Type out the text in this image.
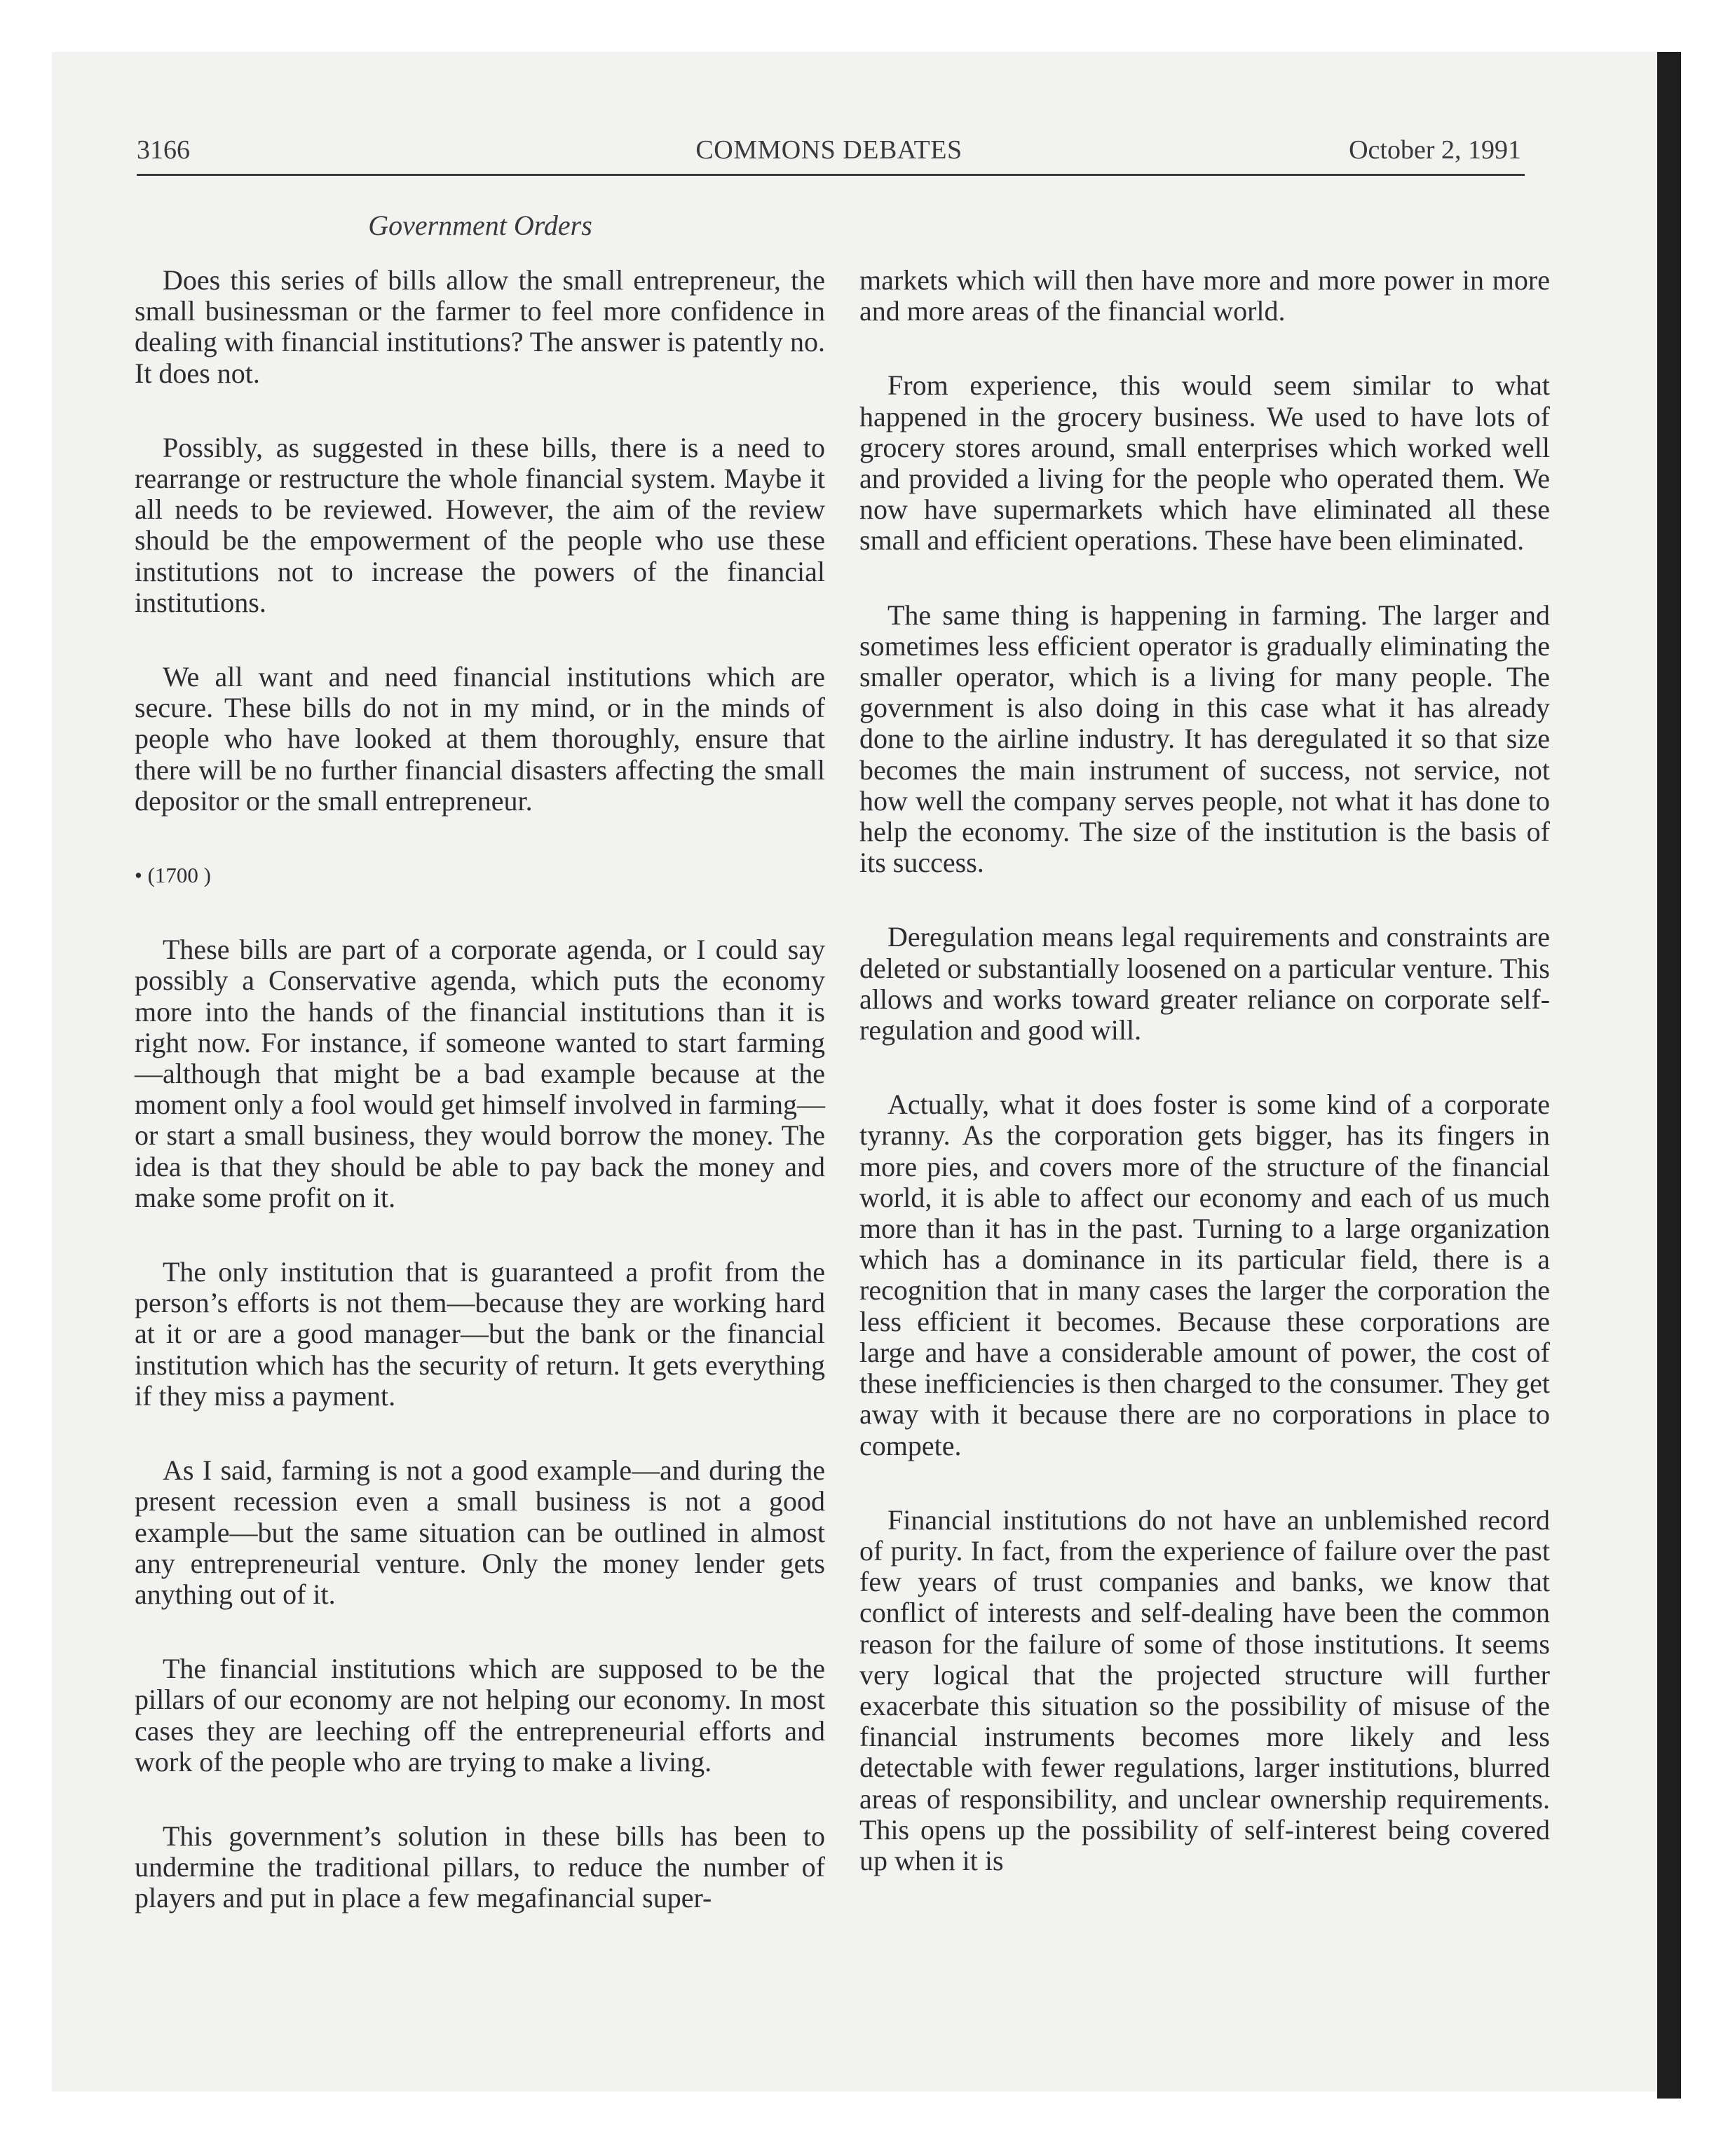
3166	COMMONS DEBATES	October 2, 1991
Government Orders

Does this series of bills allow the small entrepreneur, the small businessman or the farmer to feel more confidence in dealing with financial institutions? The answer is patently no. It does not.

Possibly, as suggested in these bills, there is a need to rearrange or restructure the whole financial system. Maybe it all needs to be reviewed. However, the aim of the review should be the empowerment of the people who use these institutions not to increase the powers of the financial institutions.

We all want and need financial institutions which are secure. These bills do not in my mind, or in the minds of people who have looked at them thoroughly, ensure that there will be no further financial disasters affecting the small depositor or the small entrepreneur.

• (1700 )

These bills are part of a corporate agenda, or I could say possibly a Conservative agenda, which puts the economy more into the hands of the financial institutions than it is right now. For instance, if someone wanted to start farming—although that might be a bad example because at the moment only a fool would get himself involved in farming—or start a small business, they would borrow the money. The idea is that they should be able to pay back the money and make some profit on it.

The only institution that is guaranteed a profit from the person’s efforts is not them—because they are working hard at it or are a good manager—but the bank or the financial institution which has the security of return. It gets everything if they miss a payment.

As I said, farming is not a good example—and during the present recession even a small business is not a good example—but the same situation can be outlined in almost any entrepreneurial venture. Only the money lender gets anything out of it.

The financial institutions which are supposed to be the pillars of our economy are not helping our economy. In most cases they are leeching off the entrepreneurial efforts and work of the people who are trying to make a living.

This government’s solution in these bills has been to undermine the traditional pillars, to reduce the number of players and put in place a few megafinancial super-

markets which will then have more and more power in more and more areas of the financial world.

From experience, this would seem similar to what happened in the grocery business. We used to have lots of grocery stores around, small enterprises which worked well and provided a living for the people who operated them. We now have supermarkets which have eliminated all these small and efficient operations. These have been eliminated.

The same thing is happening in farming. The larger and sometimes less efficient operator is gradually eliminating the smaller operator, which is a living for many people. The government is also doing in this case what it has already done to the airline industry. It has deregulated it so that size becomes the main instrument of success, not service, not how well the company serves people, not what it has done to help the economy. The size of the institution is the basis of its success.

Deregulation means legal requirements and constraints are deleted or substantially loosened on a particular venture. This allows and works toward greater reliance on corporate self-regulation and good will.

Actually, what it does foster is some kind of a corporate tyranny. As the corporation gets bigger, has its fingers in more pies, and covers more of the structure of the financial world, it is able to affect our economy and each of us much more than it has in the past. Turning to a large organization which has a dominance in its particular field, there is a recognition that in many cases the larger the corporation the less efficient it becomes. Because these corporations are large and have a considerable amount of power, the cost of these inefficiencies is then charged to the consumer. They get away with it because there are no corporations in place to compete.

Financial institutions do not have an unblemished record of purity. In fact, from the experience of failure over the past few years of trust companies and banks, we know that conflict of interests and self-dealing have been the common reason for the failure of some of those institutions. It seems very logical that the projected structure will further exacerbate this situation so the possibility of misuse of the financial instruments becomes more likely and less detectable with fewer regulations, larger institutions, blurred areas of responsibility, and unclear ownership requirements. This opens up the possibility of self-interest being covered up when it is
